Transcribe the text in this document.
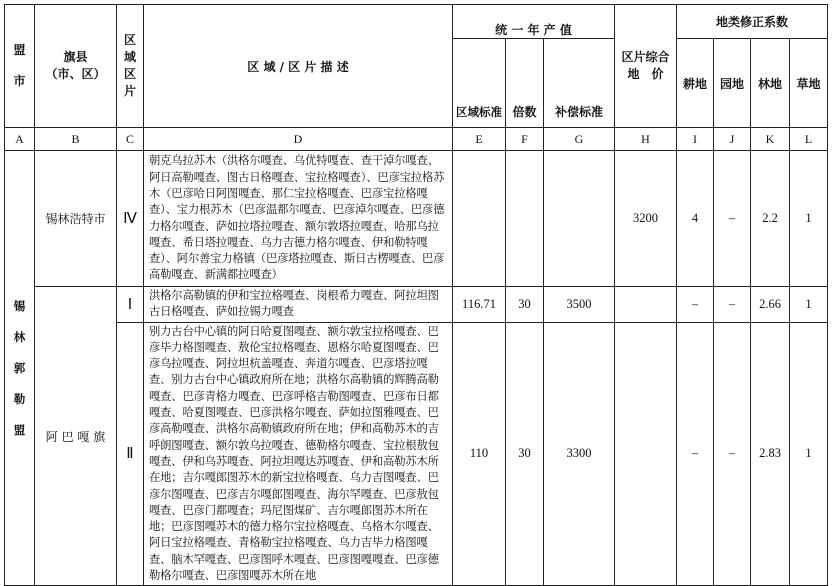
盟
市	旗县
（市、区）	区
域
区
片	区 域 / 区 片 描 述	统 一 年 产 值			区片综合
地　价	地类修正系数			
				区域标准	倍数	补偿标准		耕地	园地	林地	草地
A	B	C	D	E	F	G	H	I	J	K	L
锡
林
郭
勒
盟	锡林浩特市	Ⅳ	朝克乌拉苏木（洪格尔嘎查、乌优特嘎查、查干淖尔嘎查、阿日高勒嘎查、图古日格嘎查、宝拉格嘎查）、巴彦宝拉格苏木（巴彦哈日阿图嘎查、那仁宝拉格嘎查、巴彦宝拉格嘎查）、宝力根苏木（巴彦温都尔嘎查、巴彦淖尔嘎查、巴彦德力格尔嘎查、萨如拉塔拉嘎查、额尔敦塔拉嘎查、哈那乌拉嘎查、希日塔拉嘎查、乌力吉德力格尔嘎查、伊和勒特嘎查）、阿尔善宝力格镇（巴彦塔拉嘎查、斯日古楞嘎查、巴彦高勒嘎查、新满都拉嘎查）				3200	4	–	2.2	1
	阿 巴 嘎 旗	Ⅰ	洪格尔高勒镇的伊和宝拉格嘎查、岗根希力嘎查、阿拉坦图古日格嘎查、萨如拉锡力嘎查	116.71	30	3500		–	–	2.66	1
		Ⅱ	别力古台中心镇的阿日哈夏图嘎查、额尔敦宝拉格嘎查、巴彦毕力格图嘎查、敖伦宝拉格嘎查、恩格尔哈夏图嘎查、巴彦乌拉嘎查、阿拉坦杭盖嘎查、奔道尔嘎查、巴彦塔拉嘎查、别力古台中心镇政府所在地；洪格尔高勒镇的辉腾高勒嘎查、巴彦青格力嘎查、巴彦呼格吉勒图嘎查、巴彦布日都嘎查、哈夏图嘎查、巴彦洪格尔嘎查、萨如拉图雅嘎查、巴彦高勒嘎查、洪格尔高勒镇政府所在地；伊和高勒苏木的吉呼朗图嘎查、额尔敦乌拉嘎查、德勒格尔嘎查、宝拉根敖包嘎查、伊和乌苏嘎查、阿拉坦嘎达苏嘎查、伊和高勒苏木所在地；吉尔嘎郎图苏木的新宝拉格嘎查、乌力吉图嘎查、巴彦尔图嘎查、巴彦吉尔嘎郎图嘎查、海尔罕嘎查、巴彦敖包嘎查、巴彦门都嘎查；玛尼图煤矿、吉尔嘎郎图苏木所在地；巴彦图嘎苏木的德力格尔宝拉格嘎查、乌格木尔嘎查、阿日宝拉格嘎查、青格勒宝拉格嘎查、乌力吉毕力格图嘎查、脑木罕嘎查、巴彦图呼木嘎查、巴彦图嘎嘎查、巴彦德勒格尔嘎查、巴彦图嘎苏木所在地	110	30	3300		–	–	2.83	1
